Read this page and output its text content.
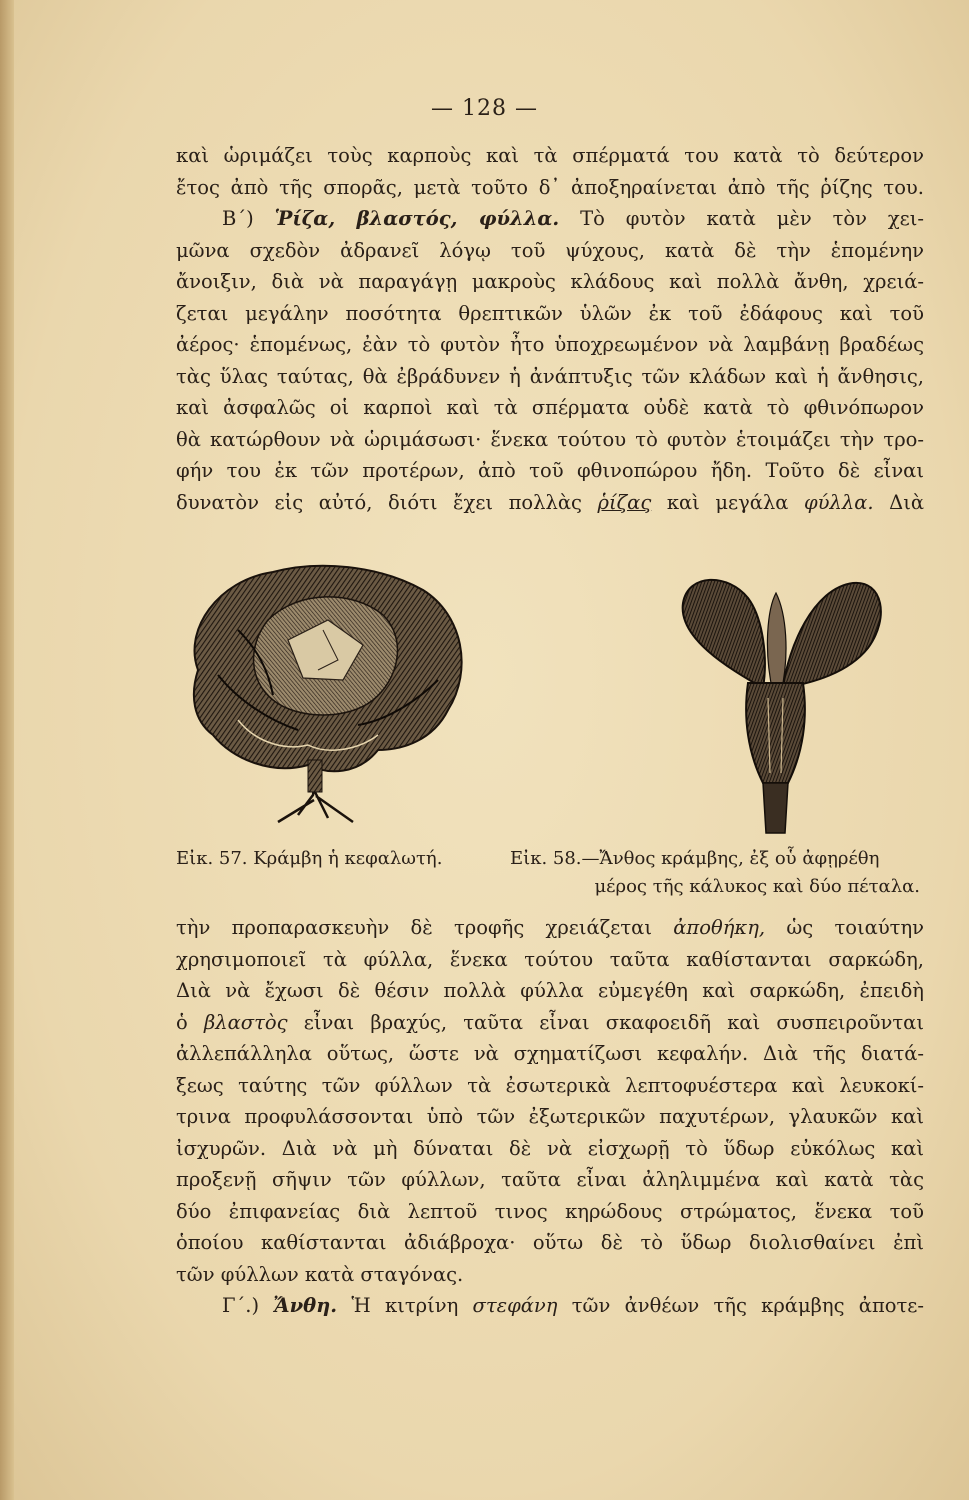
— 128 —
καὶ ὡριμάζει τοὺς καρποὺς καὶ τὰ σπέρματά του κατὰ τὸ δεύτερον
ἔτος ἀπὸ τῆς σπορᾶς, μετὰ τοῦτο δ᾽ ἀποξηραίνεται ἀπὸ τῆς ῥίζης του.
Β΄) Ῥίζα, βλαστός, φύλλα. Τὸ φυτὸν κατὰ μὲν τὸν χει-
μῶνα σχεδὸν ἀδρανεῖ λόγῳ τοῦ ψύχους, κατὰ δὲ τὴν ἑπομένην
ἄνοιξιν, διὰ νὰ παραγάγῃ μακροὺς κλάδους καὶ πολλὰ ἄνθη, χρειά-
ζεται μεγάλην ποσότητα θρεπτικῶν ὑλῶν ἐκ τοῦ ἐδάφους καὶ τοῦ
ἀέρος· ἑπομένως, ἐὰν τὸ φυτὸν ἦτο ὑποχρεωμένον νὰ λαμβάνῃ βραδέως
τὰς ὕλας ταύτας, θὰ ἐβράδυνεν ἡ ἀνάπτυξις τῶν κλάδων καὶ ἡ ἄνθησις,
καὶ ἀσφαλῶς οἱ καρποὶ καὶ τὰ σπέρματα οὐδὲ κατὰ τὸ φθινόπωρον
θὰ κατώρθουν νὰ ὡριμάσωσι· ἕνεκα τούτου τὸ φυτὸν ἑτοιμάζει τὴν τρο-
φήν του ἐκ τῶν προτέρων, ἀπὸ τοῦ φθινοπώρου ἤδη. Τοῦτο δὲ εἶναι
δυνατὸν εἰς αὐτό, διότι ἔχει πολλὰς ῥίζας καὶ μεγάλα φύλλα. Διὰ
Εἰκ. 57. Κράμβη ἡ κεφαλωτή.	Εἰκ. 58.—Ἄνθος κράμβης, ἐξ οὗ ἀφῃρέθη
μέρος τῆς κάλυκος καὶ δύο πέταλα.
τὴν προπαρασκευὴν δὲ τροφῆς χρειάζεται ἀποθήκη, ὡς τοιαύτην
χρησιμοποιεῖ τὰ φύλλα, ἕνεκα τούτου ταῦτα καθίστανται σαρκώδη,
Διὰ νὰ ἔχωσι δὲ θέσιν πολλὰ φύλλα εὐμεγέθη καὶ σαρκώδη, ἐπειδὴ
ὁ βλαστὸς εἶναι βραχύς, ταῦτα εἶναι σκαφοειδῆ καὶ συσπειροῦνται
ἀλλεπάλληλα οὕτως, ὥστε νὰ σχηματίζωσι κεφαλήν. Διὰ τῆς διατά-
ξεως ταύτης τῶν φύλλων τὰ ἐσωτερικὰ λεπτοφυέστερα καὶ λευκοκί-
τρινα προφυλάσσονται ὑπὸ τῶν ἐξωτερικῶν παχυτέρων, γλαυκῶν καὶ
ἰσχυρῶν. Διὰ νὰ μὴ δύναται δὲ νὰ εἰσχωρῇ τὸ ὕδωρ εὐκόλως καὶ
προξενῇ σῆψιν τῶν φύλλων, ταῦτα εἶναι ἀληλιμμένα καὶ κατὰ τὰς
δύο ἐπιφανείας διὰ λεπτοῦ τινος κηρώδους στρώματος, ἕνεκα τοῦ
ὁποίου καθίστανται ἀδιάβροχα· οὕτω δὲ τὸ ὕδωρ διολισθαίνει ἐπὶ
τῶν φύλλων κατὰ σταγόνας.
Γ΄.) Ἄνθη. Ἡ κιτρίνη στεφάνη τῶν ἀνθέων τῆς κράμβης ἀποτε-
